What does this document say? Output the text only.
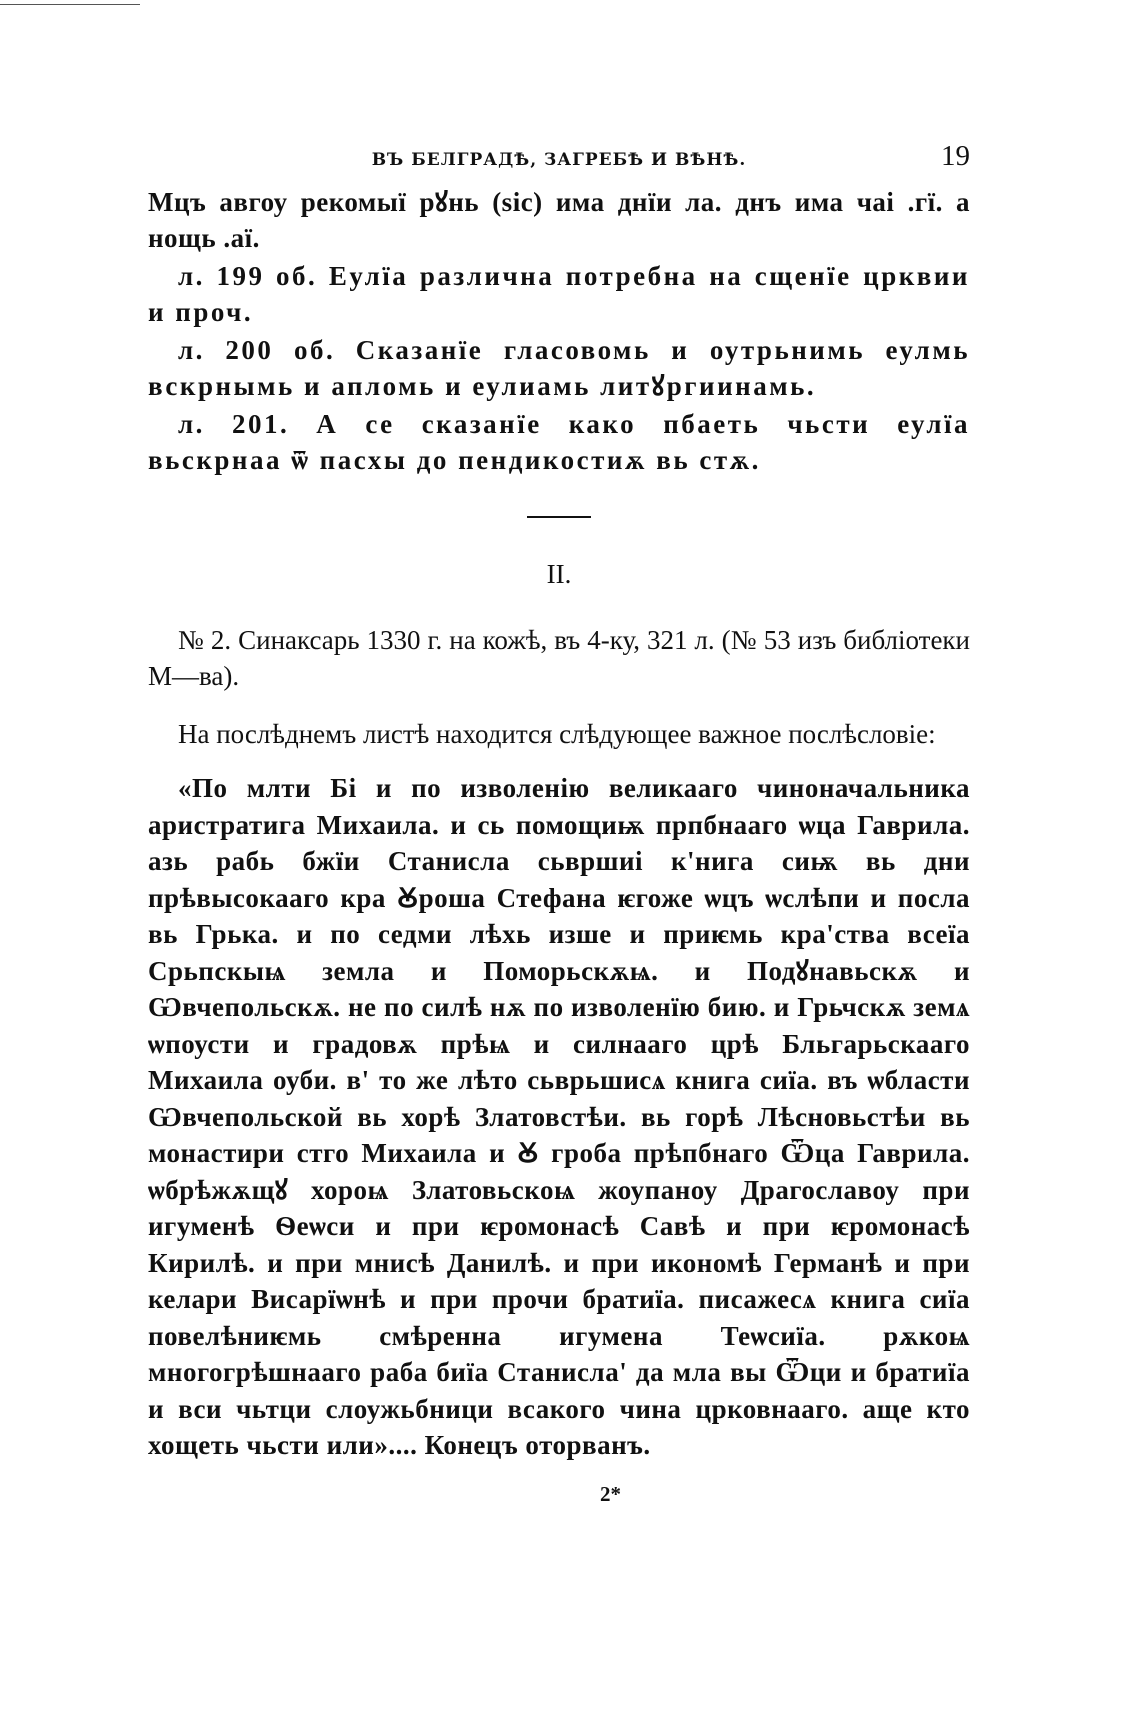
ВЪ БЕЛГРАДѢ, ЗАГРЕБѢ И ВѢНѢ.	19

Мцъ авгоу рекомыї рꙋнь (sic) има днїи ла. днъ има чаі .гї. а нощь .аї.

л. 199 об. Еулїа различна потребна на сщенїе црквии и проч.

л. 200 об. Сказанїе гласовомь и оутрьнимь еулмь вскрнымь и апломь и еулиамь литꙋргиинамь.

л. 201. А се сказанїе како пбаеть чьсти еулїа вьскрнаа ѿ пасхы до пендикостиѫ вь стѫ.

II.

№ 2. Синаксарь 1330 г. на кожѣ, въ 4-ку, 321 л. (№ 53 изъ библіотеки М—ва).

На послѣднемъ листѣ находится слѣдующее важное послѣсловіе:

«По млти Бі и по изволенію великааго чиноначальника аристратига Михаила. и сь помощиѭ прпбнааго ѡца Гаврила. азь рабь бжїи Станисла сьвршиі к'нига сиѭ вь дни прѣвысокааго кра Ꙋроша Стефана ѥгоже ѡцъ ѡслѣпи и посла вь Грька. и по седми лѣхь изше и приѥмь кра'ства всеїа Срьпскыѩ земла и Поморьскѫѩ. и Подꙋнавьскѫ и Ѡвчепольскѫ. не по силѣ нѫ по изволенїю бию. и Грьчскѫ земѧ ѡпоусти и градовѫ прѣѩ и силнааго црѣ Бльгарьскааго Михаила оуби. в' то же лѣто сьврьшисѧ книга сиїа. въ ѡбласти Ѡвчепольской вь хорѣ Златовстѣи. вь горѣ Лѣсновьстѣи вь монастири стго Михаила и Ꙋ гроба прѣпбнаго Ѿца Гаврила. ѡбрѣжѫщꙋ хороѩ Златовьскоѩ жоупаноу Драгославоу при игуменѣ Ѳеѡси и при ѥромонасѣ Савѣ и при ѥромонасѣ Кирилѣ. и при мнисѣ Данилѣ. и при икономѣ Германѣ и при келари Висарїѡнѣ и при прочи братиїа. писажесѧ книга сиїа повелѣниѥмь смѣренна игумена Теѡсиїа. рѫкоѩ многогрѣшнааго раба биїа Станисла' да мла вы Ѿци и братиїа и вси чьтци слоужьбници всакого чина црковнааго. аще кто хощеть чьсти или».... Конецъ оторванъ.

2*
